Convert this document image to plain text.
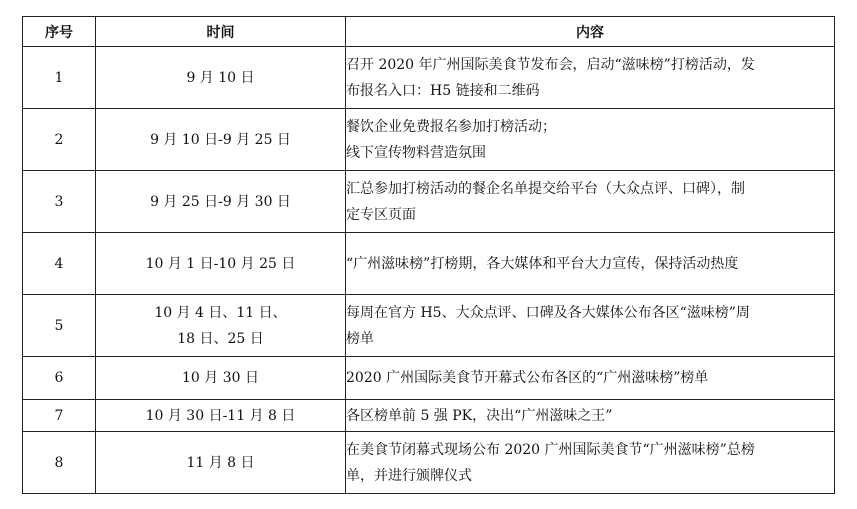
序号	时间	内容
1	9 月 10 日	召开 2020 年广州国际美食节发布会，启动“滋味榜”打榜活动，发
布报名入口：H5 链接和二维码

2	9 月 10 日-9 月 25 日	餐饮企业免费报名参加打榜活动；
线下宣传物料营造氛围

3	9 月 25 日-9 月 30 日	汇总参加打榜活动的餐企名单提交给平台（大众点评、口碑），制
定专区页面

4	10 月 1 日-10 月 25 日	“广州滋味榜”打榜期，各大媒体和平台大力宣传，保持活动热度

5	10 月 4 日、11 日、
18 日、25 日	每周在官方 H5、大众点评、口碑及各大媒体公布各区“滋味榜”周
榜单

6	10 月 30 日	2020 广州国际美食节开幕式公布各区的“广州滋味榜”榜单

7	10 月 30 日-11 月 8 日	各区榜单前 5 强 PK，决出“广州滋味之王”

8	11 月 8 日	在美食节闭幕式现场公布 2020 广州国际美食节“广州滋味榜”总榜
单，并进行颁牌仪式
